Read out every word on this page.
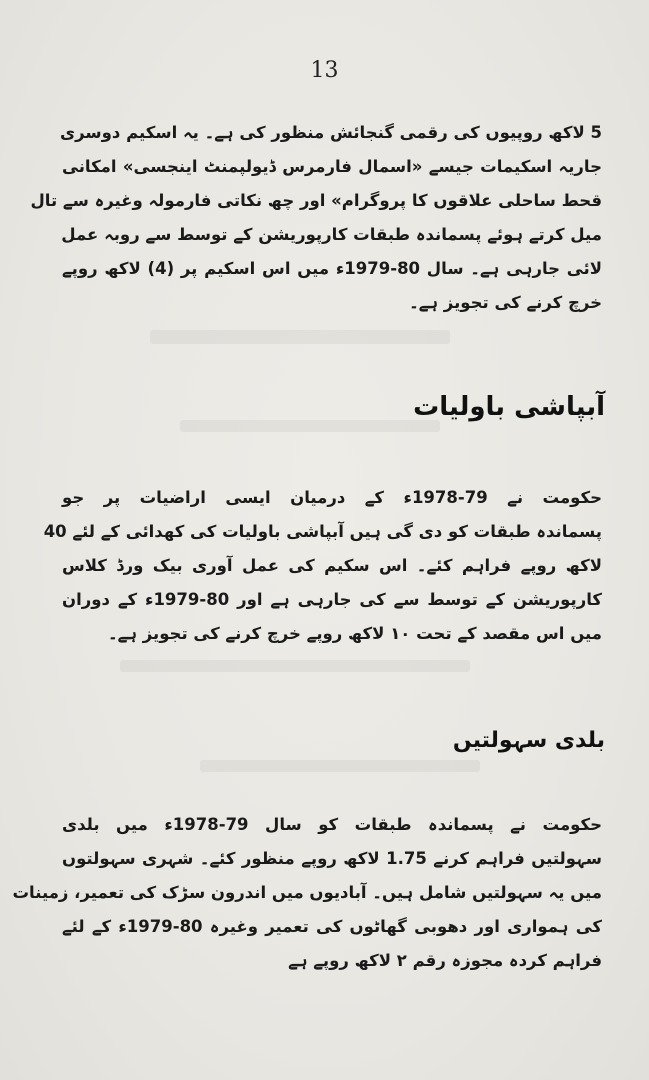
13
5 لاکھ روپیوں کی رقمی گنجائش منظور کی ہے۔ یہ اسکیم دوسری
جاریہ اسکیمات جیسے «اسمال فارمرس ڈیولپمنٹ اینجسی» امکانی
قحط ساحلی علاقوں کا پروگرام» اور چھ نکاتی فارمولہ وغیرہ سے تال
میل کرتے ہوئے پسماندہ طبقات کارپوریشن کے توسط سے روبہ عمل
لائی جارہی ہے۔ سال 80-1979ء میں اس اسکیم پر (4) لاکھ روپے
خرچ کرنے کی تجویز ہے۔
آبپاشی باولیات
حکومت نے 79-1978ء کے درمیان ایسی اراضیات پر جو
پسماندہ طبقات کو دی گی ہیں آبپاشی باولیات کی کھدائی کے لئے 40
لاکھ روپے فراہم کئے۔ اس سکیم کی عمل آوری بیک ورڈ کلاس
کارپوریشن کے توسط سے کی جارہی ہے اور 80-1979ء کے دوران
میں اس مقصد کے تحت ١٠ لاکھ روپے خرچ کرنے کی تجویز ہے۔
بلدی سہولتیں
حکومت نے پسماندہ طبقات کو سال 79-1978ء میں بلدی
سہولتیں فراہم کرنے 1.75 لاکھ روپے منظور کئے۔ شہری سہولتوں
میں یہ سہولتیں شامل ہیں۔ آبادیوں میں اندرون سڑک کی تعمیر، زمینات
کی ہمواری اور دھوبی گھاٹوں کی تعمیر وغیرہ 80-1979ء کے لئے
فراہم کردہ مجوزہ رقم ٢ لاکھ روپے ہے
